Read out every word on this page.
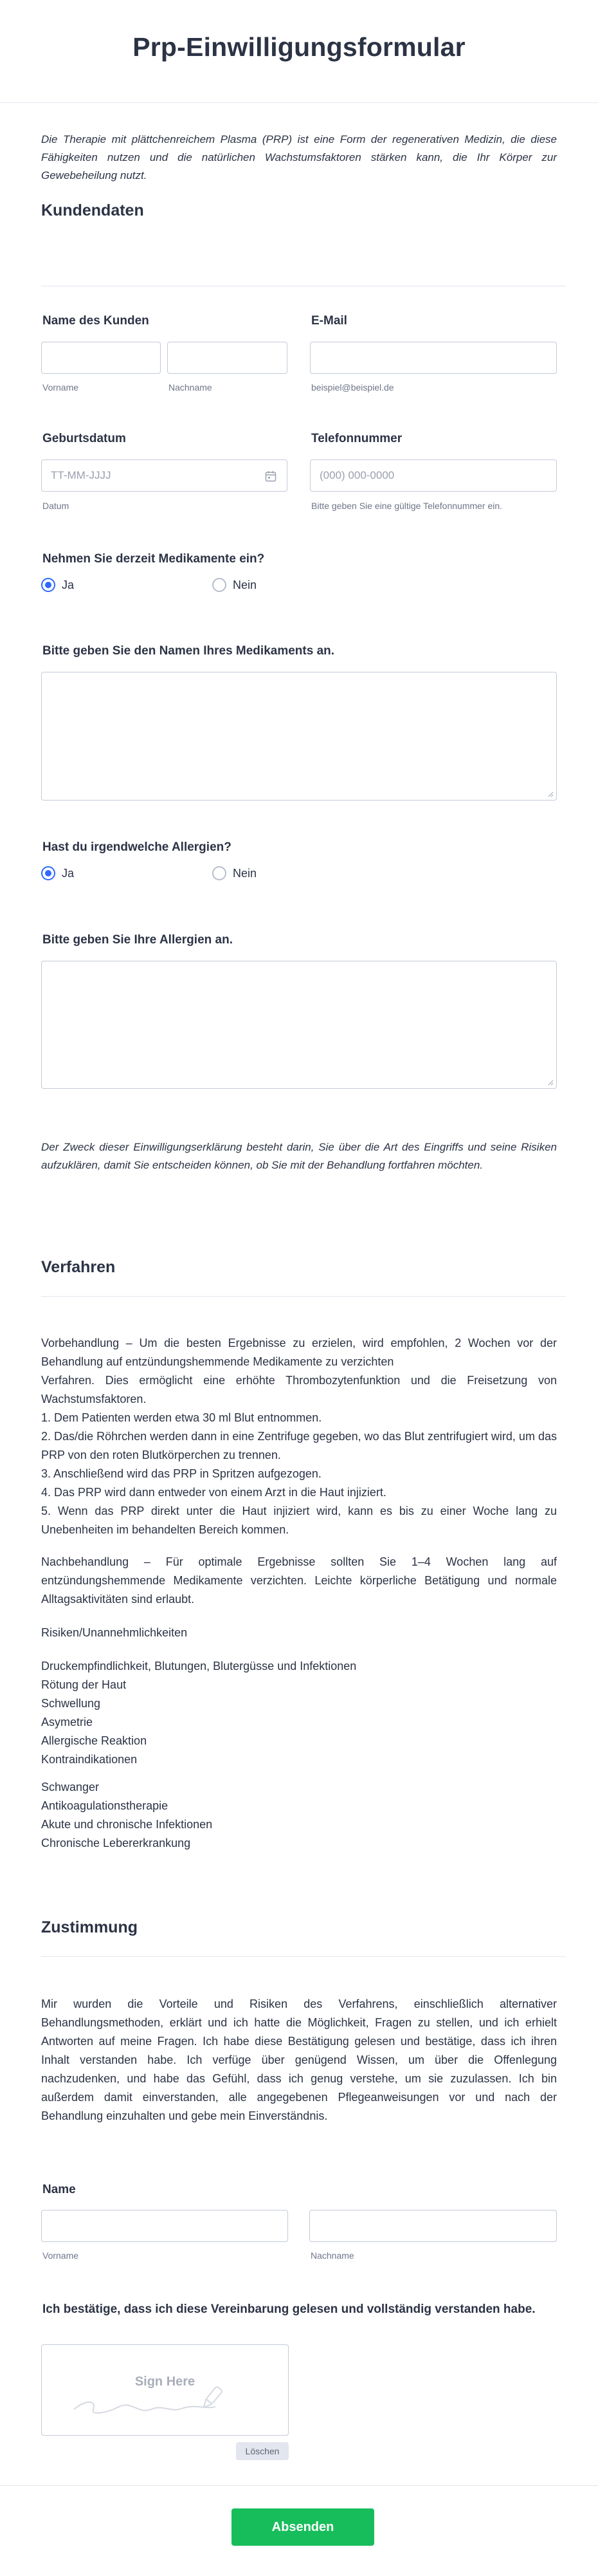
Prp-Einwilligungsformular
Die Therapie mit plättchenreichem Plasma (PRP) ist eine Form der regenerativen Medizin, die diese Fähigkeiten nutzen und die natürlichen Wachstumsfaktoren stärken kann, die Ihr Körper zur Gewebeheilung nutzt.
Kundendaten
Name des Kunden
Vorname	Nachname
E-Mail
beispiel@beispiel.de
Geburtsdatum
TT-MM-JJJJ
Datum
Telefonnummer
(000) 000-0000
Bitte geben Sie eine gültige Telefonnummer ein.
Nehmen Sie derzeit Medikamente ein?
Ja	Nein
Bitte geben Sie den Namen Ihres Medikaments an.
Hast du irgendwelche Allergien?
Ja	Nein
Bitte geben Sie Ihre Allergien an.
Der Zweck dieser Einwilligungserklärung besteht darin, Sie über die Art des Eingriffs und seine Risiken aufzuklären, damit Sie entscheiden können, ob Sie mit der Behandlung fortfahren möchten.
Verfahren

Vorbehandlung – Um die besten Ergebnisse zu erzielen, wird empfohlen, 2 Wochen vor der Behandlung auf entzündungshemmende Medikamente zu verzichten

Verfahren. Dies ermöglicht eine erhöhte Thrombozytenfunktion und die Freisetzung von Wachstumsfaktoren.

1. Dem Patienten werden etwa 30 ml Blut entnommen.

2. Das/die Röhrchen werden dann in eine Zentrifuge gegeben, wo das Blut zentrifugiert wird, um das PRP von den roten Blutkörperchen zu trennen.

3. Anschließend wird das PRP in Spritzen aufgezogen.

4. Das PRP wird dann entweder von einem Arzt in die Haut injiziert.

5. Wenn das PRP direkt unter die Haut injiziert wird, kann es bis zu einer Woche lang zu Unebenheiten im behandelten Bereich kommen.

Nachbehandlung – Für optimale Ergebnisse sollten Sie 1–4 Wochen lang auf entzündungshemmende Medikamente verzichten. Leichte körperliche Betätigung und normale Alltagsaktivitäten sind erlaubt.
Risiken/Unannehmlichkeiten
Druckempfindlichkeit, Blutungen, Blutergüsse und Infektionen
Rötung der Haut
Schwellung
Asymetrie
Allergische Reaktion
Kontraindikationen
Schwanger
Antikoagulationstherapie
Akute und chronische Infektionen
Chronische Lebererkrankung
Zustimmung
Mir wurden die Vorteile und Risiken des Verfahrens, einschließlich alternativer Behandlungsmethoden, erklärt und ich hatte die Möglichkeit, Fragen zu stellen, und ich erhielt Antworten auf meine Fragen. Ich habe diese Bestätigung gelesen und bestätige, dass ich ihren Inhalt verstanden habe. Ich verfüge über genügend Wissen, um über die Offenlegung nachzudenken, und habe das Gefühl, dass ich genug verstehe, um sie zuzulassen. Ich bin außerdem damit einverstanden, alle angegebenen Pflegeanweisungen vor und nach der Behandlung einzuhalten und gebe mein Einverständnis.
Name
Vorname	Nachname
Ich bestätige, dass ich diese Vereinbarung gelesen und vollständig verstanden habe.
Sign Here
Löschen
Absenden
